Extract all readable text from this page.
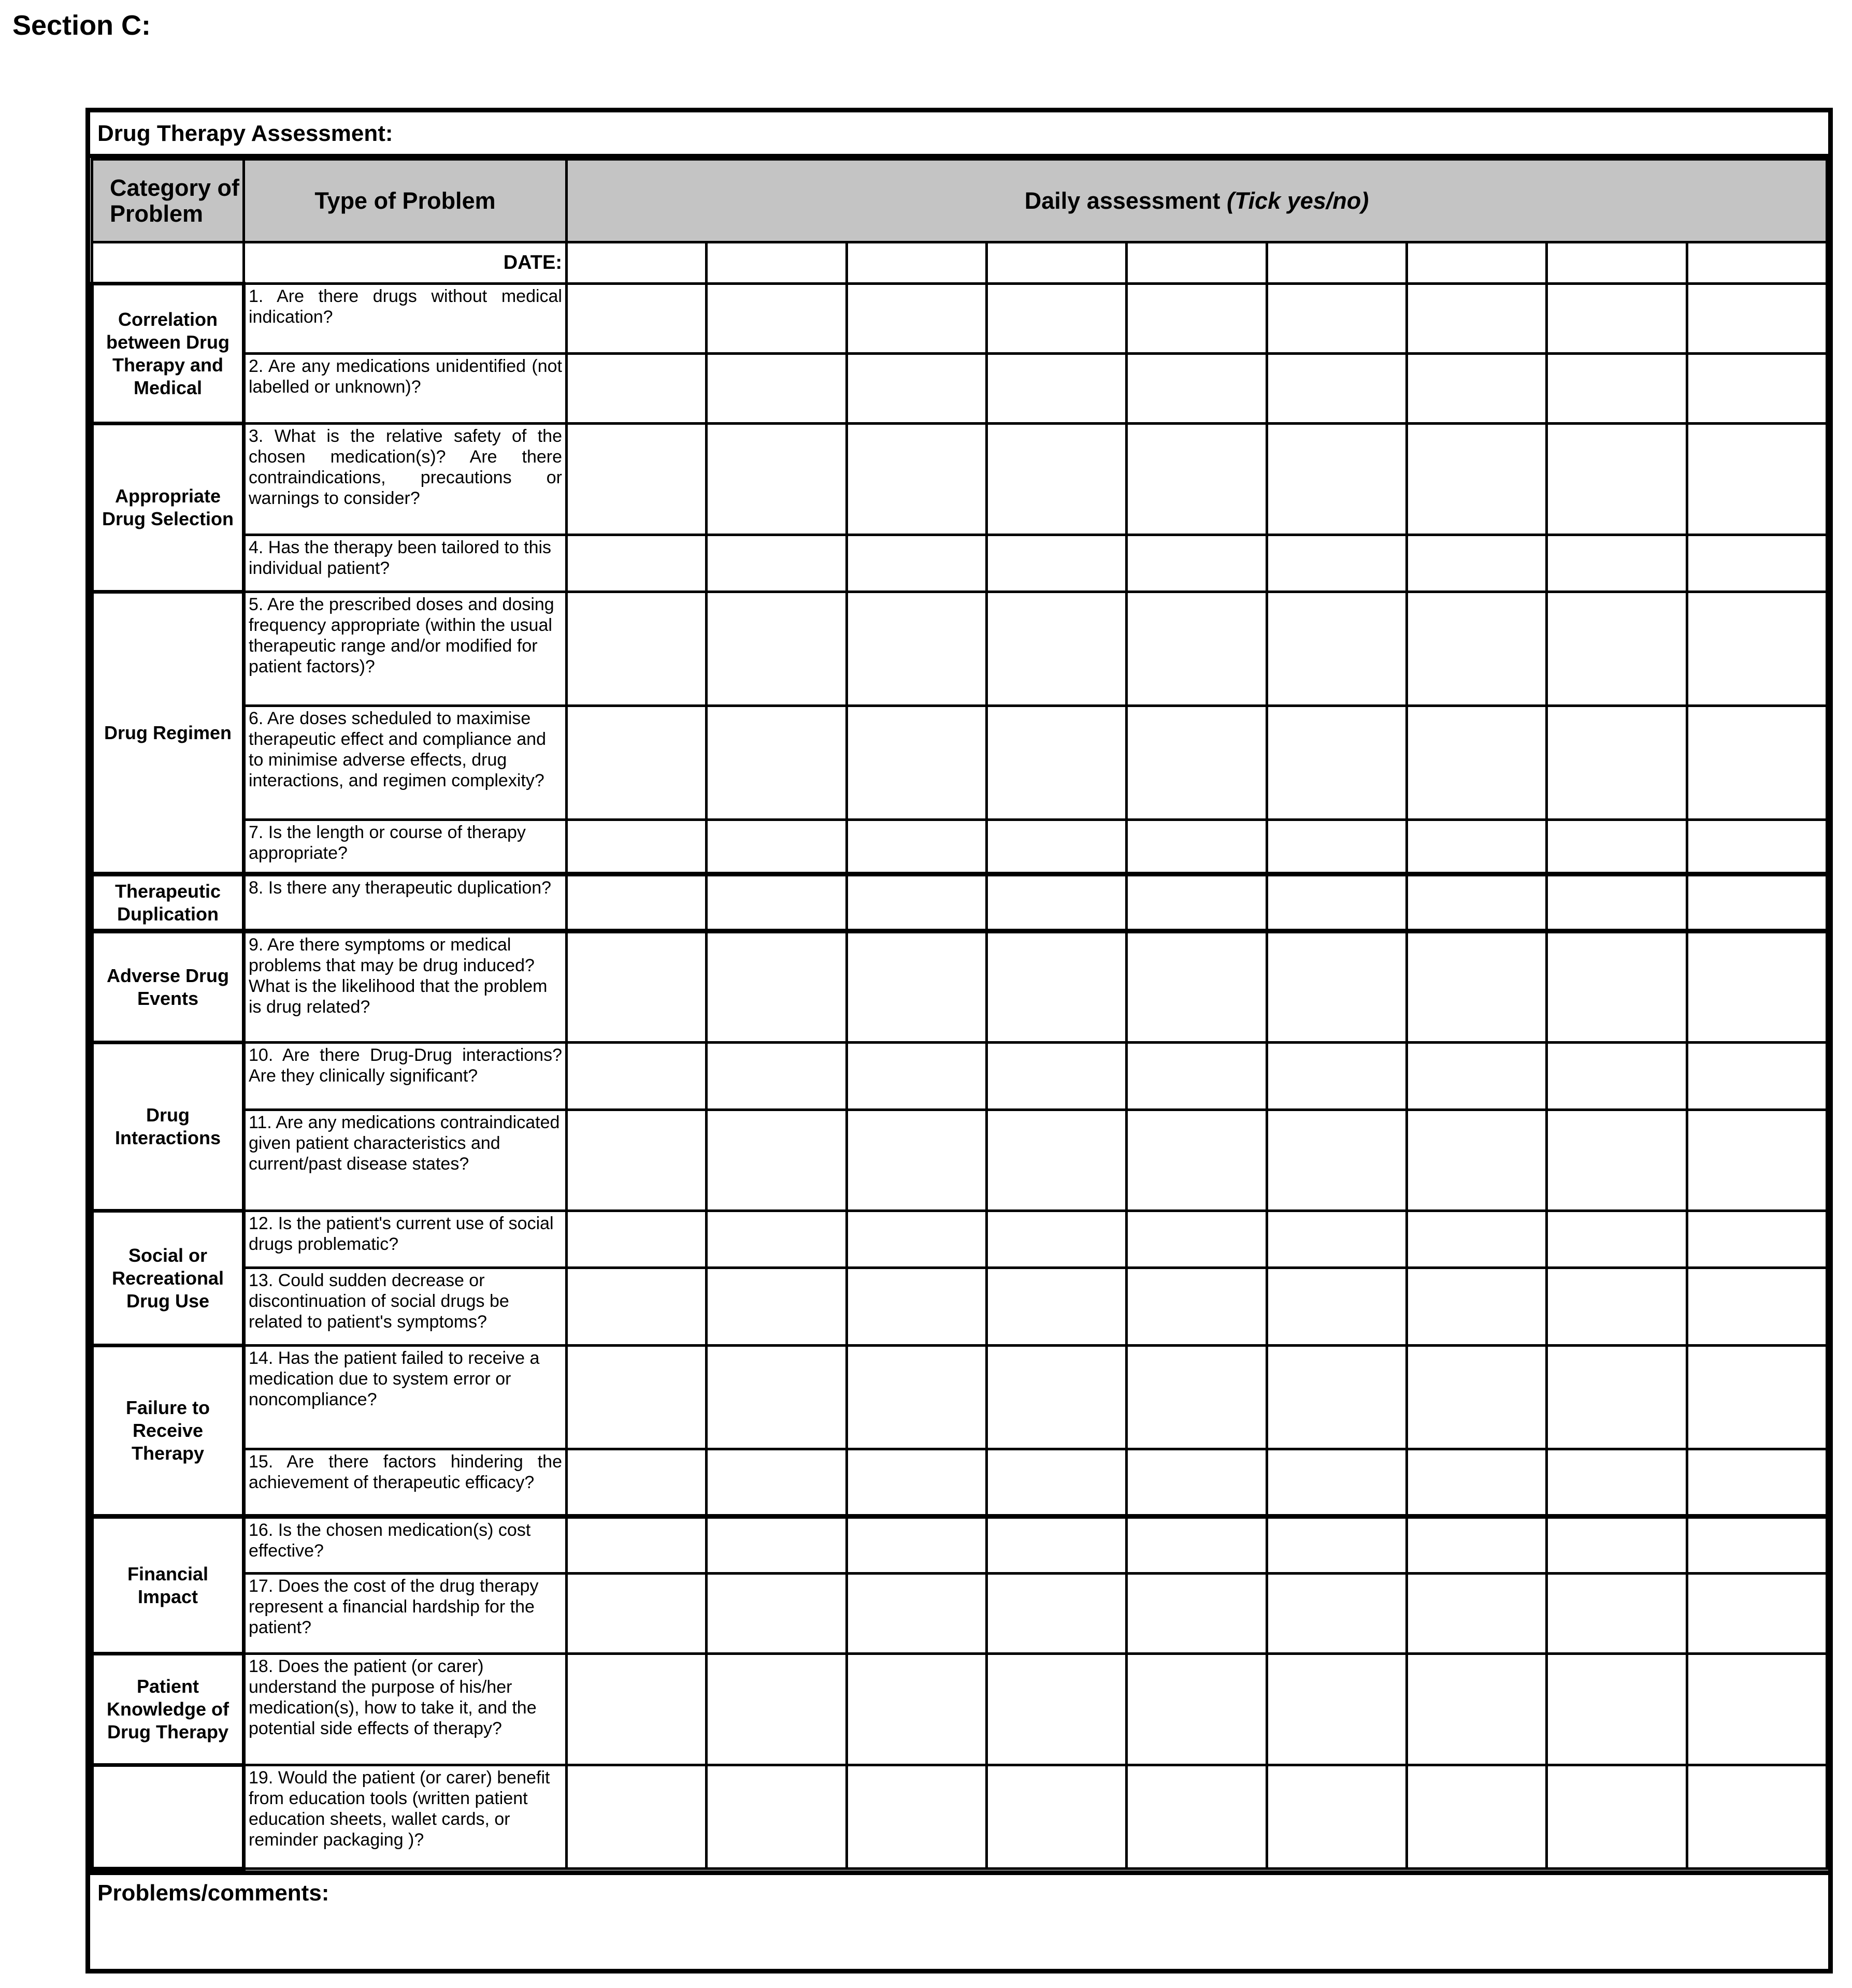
Section C:
Drug Therapy Assessment:
Category of Problem	Type of Problem	Daily assessment (Tick yes/no)								
	DATE:									
Correlation between Drug Therapy and Medical	1. Are there drugs without medical indication?									
	2. Are any medications unidentified (not labelled or unknown)?									
Appropriate Drug Selection	3. What is the relative safety of the chosen medication(s)? Are there contraindications, precautions or warnings to consider?									
	4. Has the therapy been tailored to this individual patient?									
Drug Regimen	5. Are the prescribed doses and dosing frequency appropriate (within the usual therapeutic range and/or modified for patient factors)?									
	6. Are doses scheduled to maximise therapeutic effect and compliance and to minimise adverse effects, drug interactions, and regimen complexity?									
	7. Is the length or course of therapy appropriate?									
Therapeutic Duplication	8. Is there any therapeutic duplication?									
Adverse Drug Events	9. Are there symptoms or medical problems that may be drug induced? What is the likelihood that the problem is drug related?									
Drug Interactions	10. Are there Drug-Drug interactions? Are they clinically significant?									
	11. Are any medications contraindicated given patient characteristics and current/past disease states?									
Social or Recreational Drug Use	12. Is the patient's current use of social drugs problematic?									
	13. Could sudden decrease or discontinuation of social drugs be related to patient's symptoms?									
Failure to Receive Therapy	14. Has the patient failed to receive a medication due to system error or noncompliance?									
	15. Are there factors hindering the achievement of therapeutic efficacy?									
Financial Impact	16. Is the chosen medication(s) cost effective?									
	17. Does the cost of the drug therapy represent a financial hardship for the patient?									
Patient Knowledge of Drug Therapy	18. Does the patient (or carer) understand the purpose of his/her medication(s), how to take it, and the potential side effects of therapy?									
	19. Would the patient (or carer) benefit from education tools (written patient education sheets, wallet cards, or reminder packaging )?									
Problems/comments:
